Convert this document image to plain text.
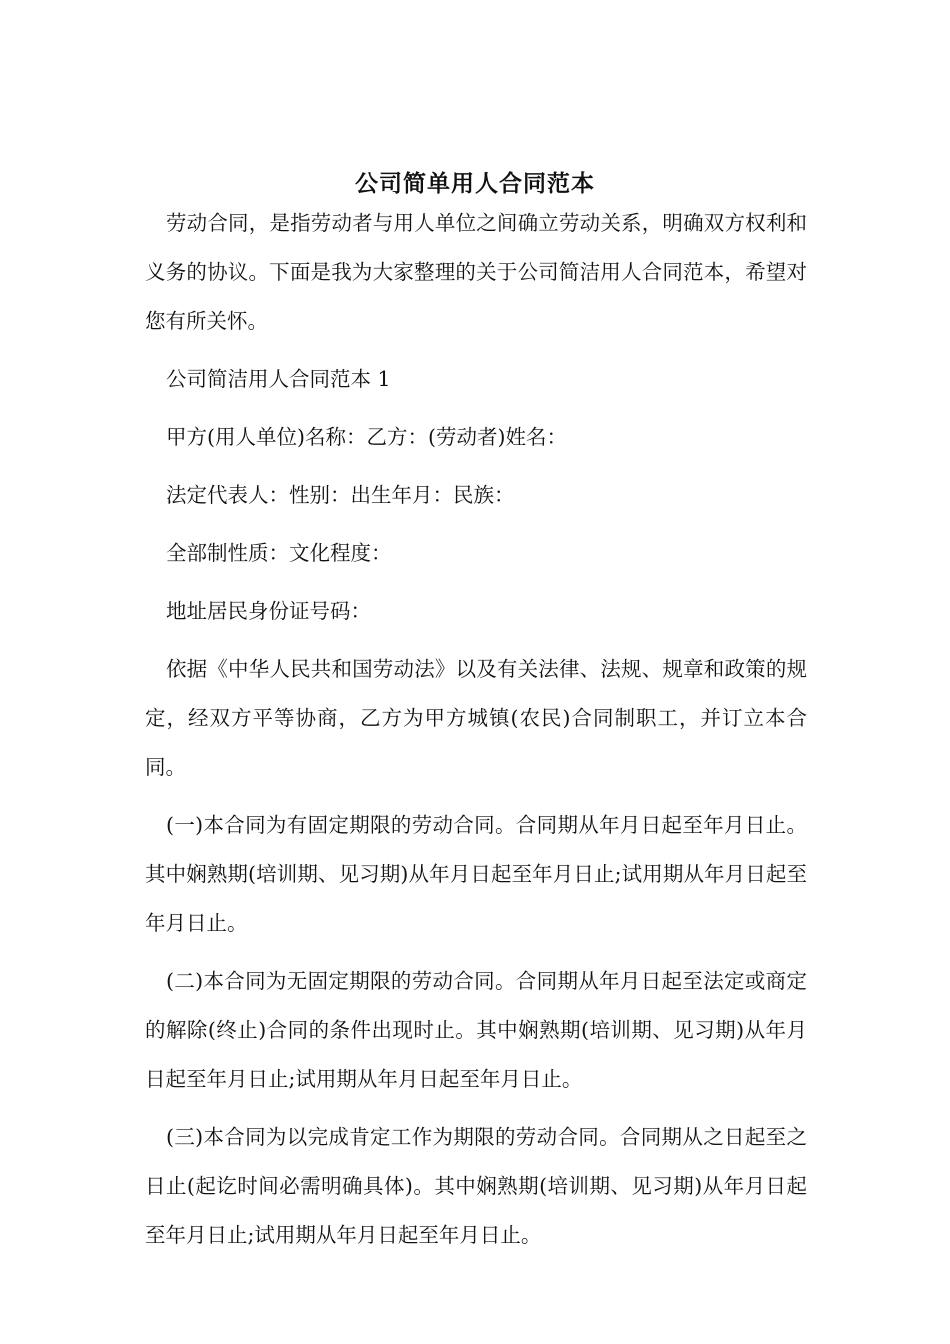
公司简单用人合同范本

劳动合同，是指劳动者与用人单位之间确立劳动关系，明确双方权利和义务的协议。下面是我为大家整理的关于公司简洁用人合同范本，希望对您有所关怀。

公司简洁用人合同范本 1

甲方(用人单位)名称：乙方：(劳动者)姓名：

法定代表人：性别：出生年月：民族：

全部制性质：文化程度：

地址居民身份证号码：

依据《中华人民共和国劳动法》以及有关法律、法规、规章和政策的规定，经双方平等协商，乙方为甲方城镇(农民)合同制职工，并订立本合同。

(一)本合同为有固定期限的劳动合同。合同期从年月日起至年月日止。其中娴熟期(培训期、见习期)从年月日起至年月日止;试用期从年月日起至年月日止。

(二)本合同为无固定期限的劳动合同。合同期从年月日起至法定或商定的解除(终止)合同的条件出现时止。其中娴熟期(培训期、见习期)从年月日起至年月日止;试用期从年月日起至年月日止。

(三)本合同为以完成肯定工作为期限的劳动合同。合同期从之日起至之日止(起讫时间必需明确具体)。其中娴熟期(培训期、见习期)从年月日起至年月日止;试用期从年月日起至年月日止。
